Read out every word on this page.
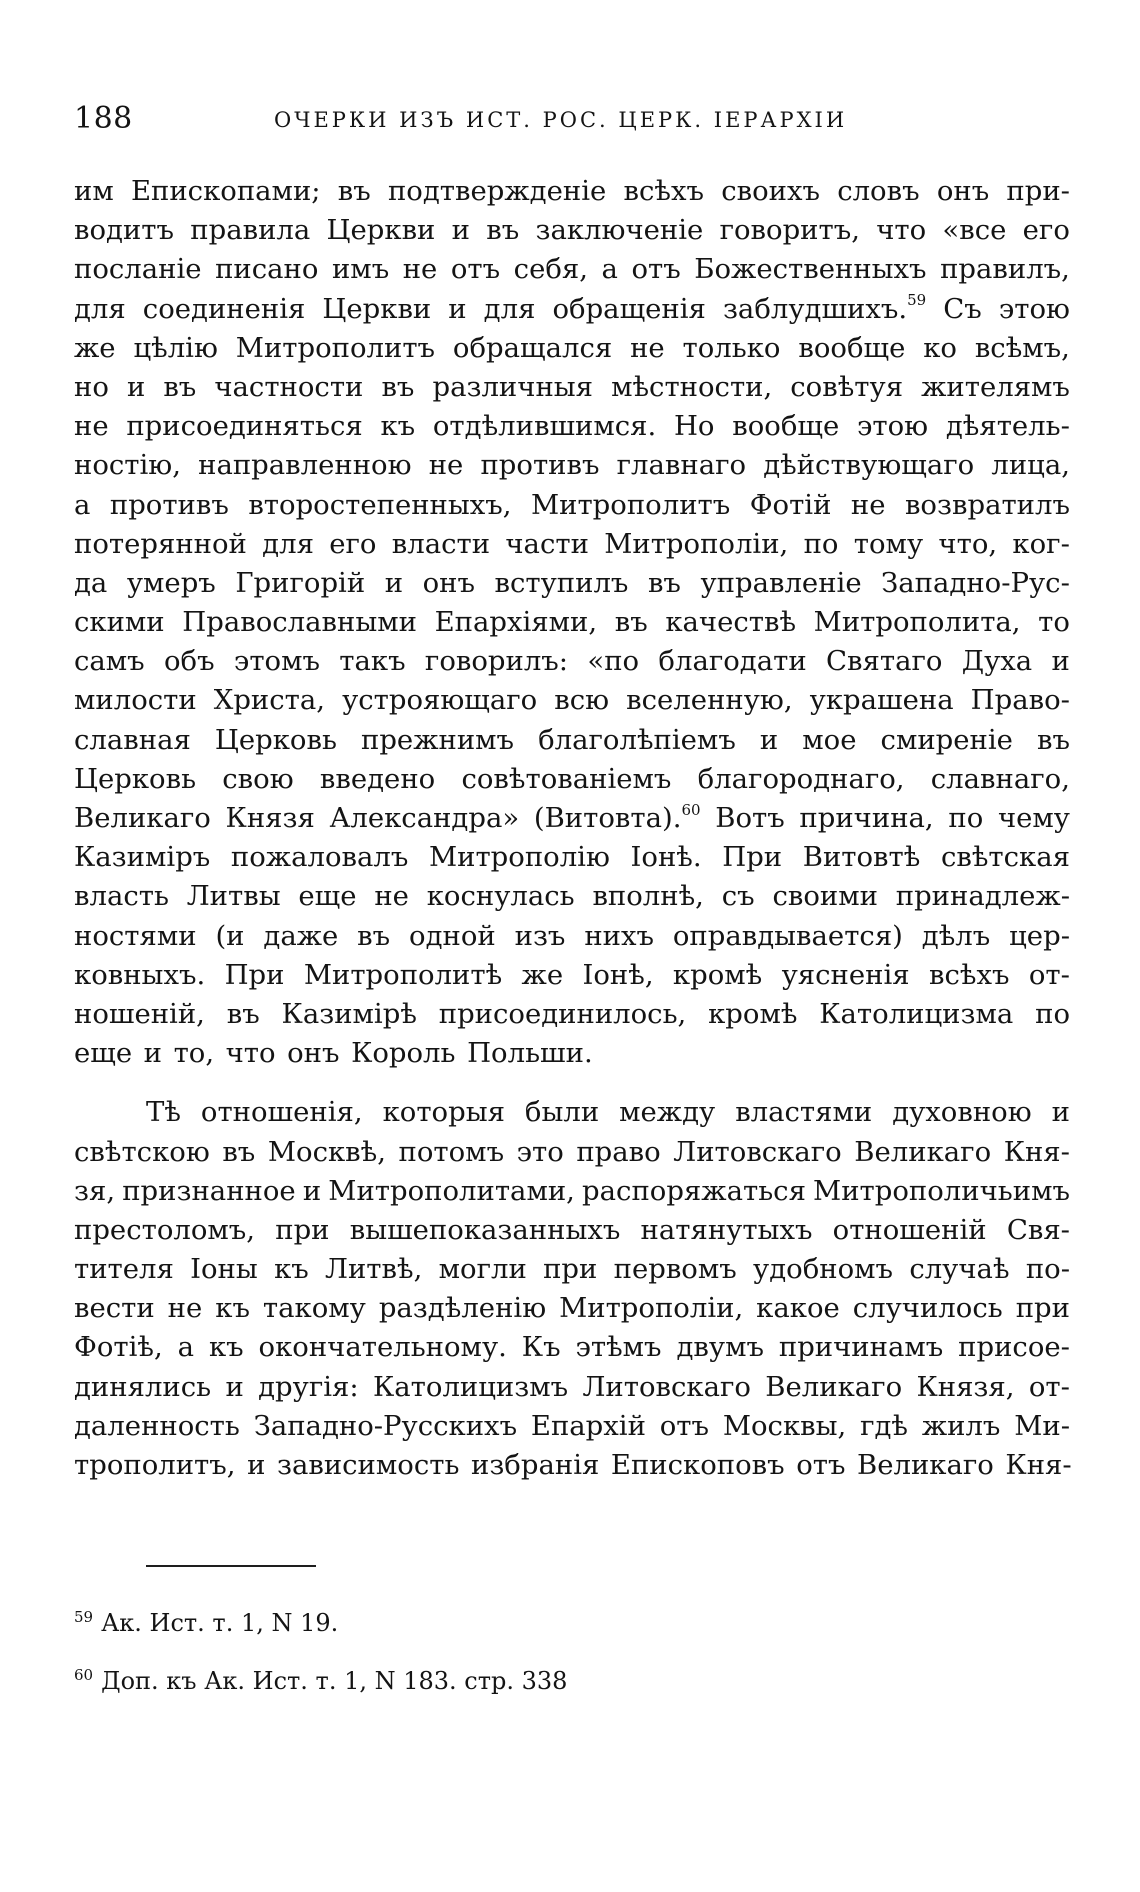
188	ОЧЕРКИ ИЗЪ ИСТ. РОС. ЦЕРК. ІЕРАРХІИ
им Епископами; въ подтвержденіе всѣхъ своихъ словъ онъ при-
водитъ правила Церкви и въ заключеніе говоритъ, что «все его
посланіе писано имъ не отъ себя, а отъ Божественныхъ правилъ,
для соединенія Церкви и для обращенія заблудшихъ.$^{59}$ Съ этою
же цѣлію Митрополитъ обращался не только вообще ко всѣмъ,
но и въ частности въ различныя мѣстности, совѣтуя жителямъ
не присоединяться къ отдѣлившимся. Но вообще этою дѣятель-
ностію, направленною не противъ главнаго дѣйствующаго лица,
а противъ второстепенныхъ, Митрополитъ Фотій не возвратилъ
потерянной для его власти части Митрополіи, по тому что, ког-
да умеръ Григорій и онъ вступилъ въ управленіе Западно-Рус-
скими Православными Епархіями, въ качествѣ Митрополита, то
самъ объ этомъ такъ говорилъ: «по благодати Святаго Духа и
милости Христа, устрояющаго всю вселенную, украшена Право-
славная Церковь прежнимъ благолѣпіемъ и мое смиреніе въ
Церковь свою введено совѣтованіемъ благороднаго, славнаго,
Великаго Князя Александра» (Витовта).$^{60}$ Вотъ причина, по чему
Казиміръ пожаловалъ Митрополію Іонѣ. При Витовтѣ свѣтская
власть Литвы еще не коснулась вполнѣ, съ своими принадлеж-
ностями (и даже въ одной изъ нихъ оправдывается) дѣлъ цер-
ковныхъ. При Митрополитѣ же Іонѣ, кромѣ уясненія всѣхъ от-
ношеній, въ Казимірѣ присоединилось, кромѣ Католицизма по
еще и то, что онъ Король Польши.
Тѣ отношенія, которыя были между властями духовною и
свѣтскою въ Москвѣ, потомъ это право Литовскаго Великаго Кня-
зя, признанное и Митрополитами, распоряжаться Митрополичьимъ
престоломъ, при вышепоказанныхъ натянутыхъ отношеній Свя-
тителя Іоны къ Литвѣ, могли при первомъ удобномъ случаѣ по-
вести не къ такому раздѣленію Митрополіи, какое случилось при
Фотіѣ, а къ окончательному. Къ этѣмъ двумъ причинамъ присое-
динялись и другія: Католицизмъ Литовскаго Великаго Князя, от-
даленность Западно-Русскихъ Епархій отъ Москвы, гдѣ жилъ Ми-
трополитъ, и зависимость избранія Епископовъ отъ Великаго Кня-
$^{59}$ Ак. Ист. т. 1, N 19.
$^{60}$ Доп. къ Ак. Ист. т. 1, N 183. стр. 338
